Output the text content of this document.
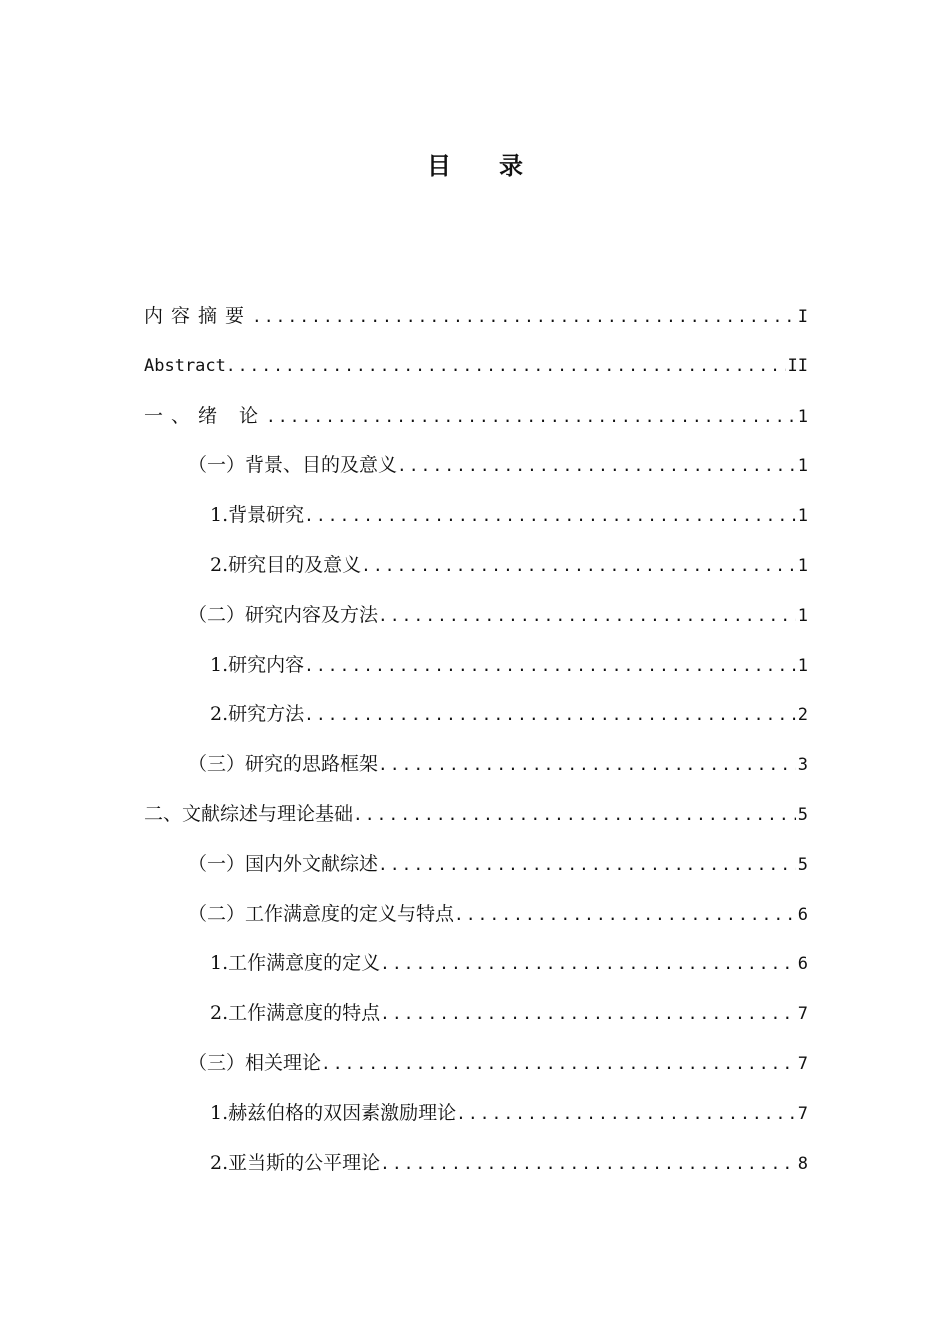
目 录
内容摘要 .....	I
Abstract .....	II
一、绪 论 .....	1
（一）背景、目的及意义 .....	1
1.背景研究 .....	1
2.研究目的及意义 .....	1
（二）研究内容及方法 .....	1
1.研究内容 .....	1
2.研究方法 .....	2
（三）研究的思路框架 .....	3
二、文献综述与理论基础 .....	5
（一）国内外文献综述 .....	5
（二）工作满意度的定义与特点 .....	6
1.工作满意度的定义 .....	6
2.工作满意度的特点 .....	7
（三）相关理论 .....	7
1.赫兹伯格的双因素激励理论 .....	7
2.亚当斯的公平理论 .....	8
